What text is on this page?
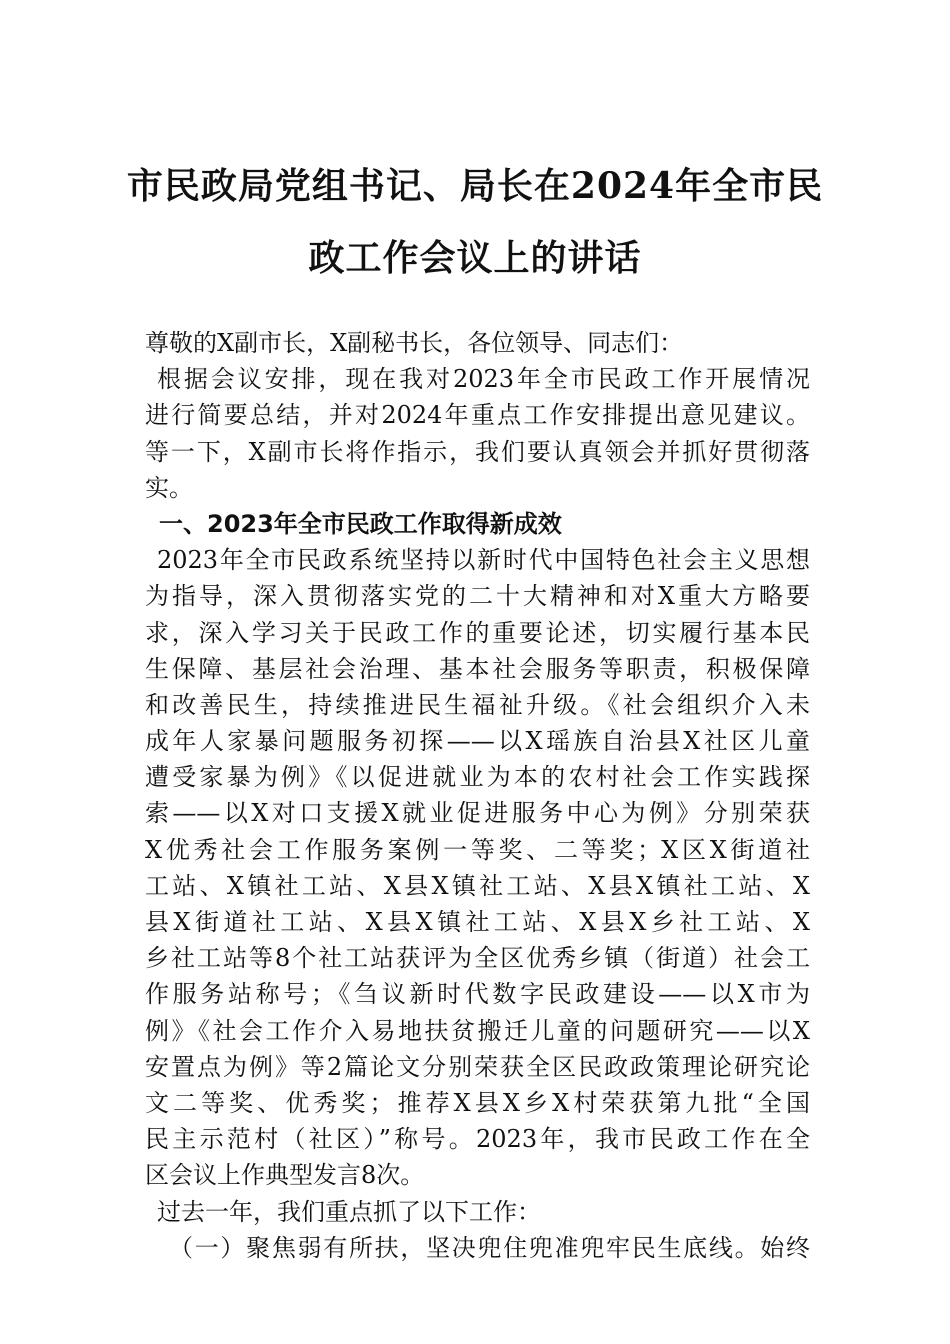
市民政局党组书记、局长在2024年全市民
政工作会议上的讲话
尊敬的X副市长，X副秘书长，各位领导、同志们：
根据会议安排，现在我对2023年全市民政工作开展情况
进行简要总结，并对2024年重点工作安排提出意见建议。
等一下，X副市长将作指示，我们要认真领会并抓好贯彻落
实。
一、2023年全市民政工作取得新成效
2023年全市民政系统坚持以新时代中国特色社会主义思想
为指导，深入贯彻落实党的二十大精神和对X重大方略要
求，深入学习关于民政工作的重要论述，切实履行基本民
生保障、基层社会治理、基本社会服务等职责，积极保障
和改善民生，持续推进民生福祉升级。《社会组织介入未
成年人家暴问题服务初探——以X瑶族自治县X社区儿童
遭受家暴为例》《以促进就业为本的农村社会工作实践探
索——以X对口支援X就业促进服务中心为例》分别荣获
X优秀社会工作服务案例一等奖、二等奖；X区X街道社
工站、X镇社工站、X县X镇社工站、X县X镇社工站、X
县X街道社工站、X县X镇社工站、X县X乡社工站、X
乡社工站等8个社工站获评为全区优秀乡镇（街道）社会工
作服务站称号；《刍议新时代数字民政建设——以X市为
例》《社会工作介入易地扶贫搬迁儿童的问题研究——以X
安置点为例》等2篇论文分别荣获全区民政政策理论研究论
文二等奖、优秀奖；推荐X县X乡X村荣获第九批“全国
民主示范村（社区）”称号。2023年，我市民政工作在全
区会议上作典型发言8次。
过去一年，我们重点抓了以下工作：
（一）聚焦弱有所扶，坚决兜住兜准兜牢民生底线。始终
